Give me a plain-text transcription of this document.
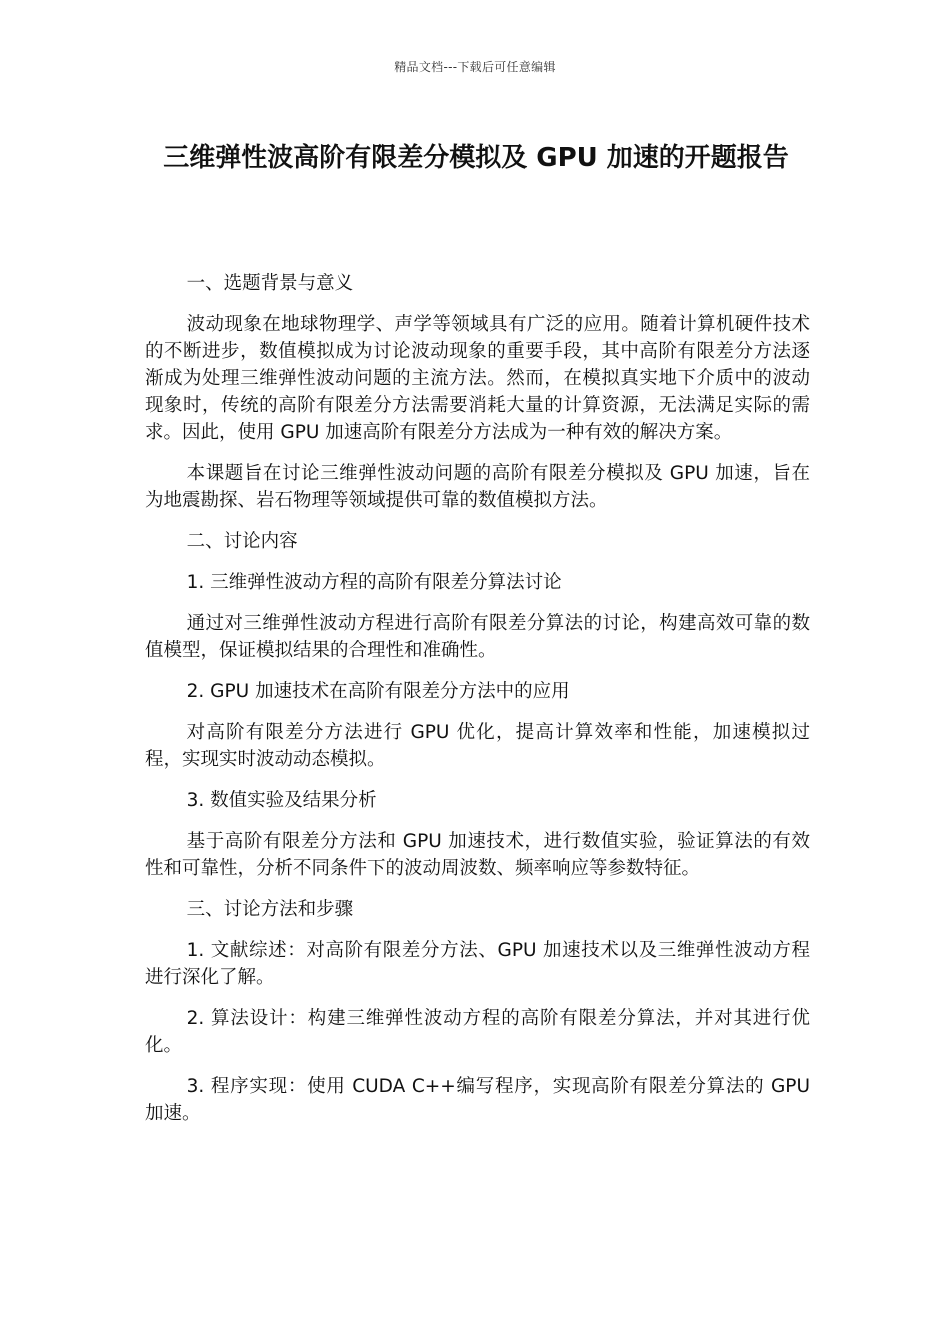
精品文档---下载后可任意编辑
三维弹性波高阶有限差分模拟及 GPU 加速的开题报告

一、选题背景与意义

波动现象在地球物理学、声学等领域具有广泛的应用。随着计算机硬件技术的不断进步，数值模拟成为讨论波动现象的重要手段，其中高阶有限差分方法逐渐成为处理三维弹性波动问题的主流方法。然而，在模拟真实地下介质中的波动现象时，传统的高阶有限差分方法需要消耗大量的计算资源，无法满足实际的需求。因此，使用 GPU 加速高阶有限差分方法成为一种有效的解决方案。

本课题旨在讨论三维弹性波动问题的高阶有限差分模拟及 GPU 加速，旨在为地震勘探、岩石物理等领域提供可靠的数值模拟方法。

二、讨论内容

1. 三维弹性波动方程的高阶有限差分算法讨论

通过对三维弹性波动方程进行高阶有限差分算法的讨论，构建高效可靠的数值模型，保证模拟结果的合理性和准确性。

2. GPU 加速技术在高阶有限差分方法中的应用

对高阶有限差分方法进行 GPU 优化，提高计算效率和性能，加速模拟过程，实现实时波动动态模拟。

3. 数值实验及结果分析

基于高阶有限差分方法和 GPU 加速技术，进行数值实验，验证算法的有效性和可靠性，分析不同条件下的波动周波数、频率响应等参数特征。

三、讨论方法和步骤

1. 文献综述：对高阶有限差分方法、GPU 加速技术以及三维弹性波动方程进行深化了解。

2. 算法设计：构建三维弹性波动方程的高阶有限差分算法，并对其进行优化。

3. 程序实现：使用 CUDA C++编写程序，实现高阶有限差分算法的 GPU 加速。
